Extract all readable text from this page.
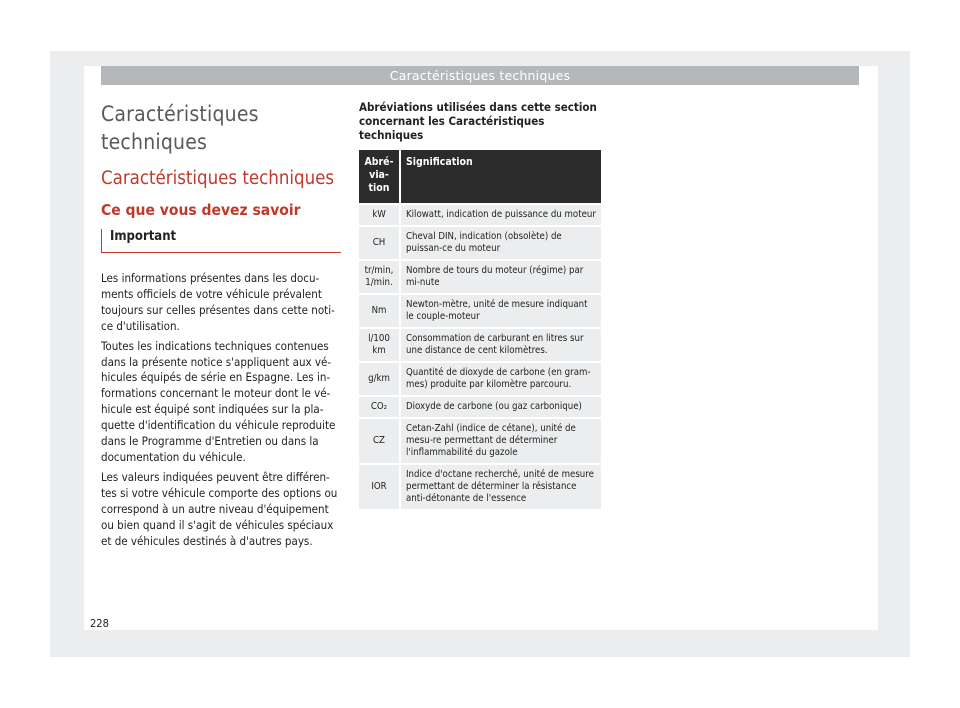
Caractéristiques techniques
Caractéristiques techniques
Caractéristiques techniques
Ce que vous devez savoir
Important

Les informations présentes dans les docu-ments officiels de votre véhicule prévalent toujours sur celles présentes dans cette noti-ce d'utilisation.

Toutes les indications techniques contenues dans la présente notice s'appliquent aux vé-hicules équipés de série en Espagne. Les in-formations concernant le moteur dont le vé-hicule est équipé sont indiquées sur la pla-quette d'identification du véhicule reproduite dans le Programme d'Entretien ou dans la documentation du véhicule.

Les valeurs indiquées peuvent être différen-tes si votre véhicule comporte des options ou correspond à un autre niveau d'équipement ou bien quand il s'agit de véhicules spéciaux et de véhicules destinés à d'autres pays.

Abréviations utilisées dans cette section concernant les Caractéristiques techniques
Abré-via-tion	Signification
kW	Kilowatt, indication de puissance du moteur
CH	Cheval DIN, indication (obsolète) de puissan-ce du moteur
tr/min, 1/min.	Nombre de tours du moteur (régime) par mi-nute
Nm	Newton-mètre, unité de mesure indiquant le couple-moteur
l/100 km	Consommation de carburant en litres sur une distance de cent kilomètres.
g/km	Quantité de dioxyde de carbone (en gram-mes) produite par kilomètre parcouru.
CO₂	Dioxyde de carbone (ou gaz carbonique)
CZ	Cetan-Zahl (indice de cétane), unité de mesu-re permettant de déterminer l'inflammabilité du gazole
IOR	Indice d'octane recherché, unité de mesure permettant de déterminer la résistance anti-détonante de l'essence
228
